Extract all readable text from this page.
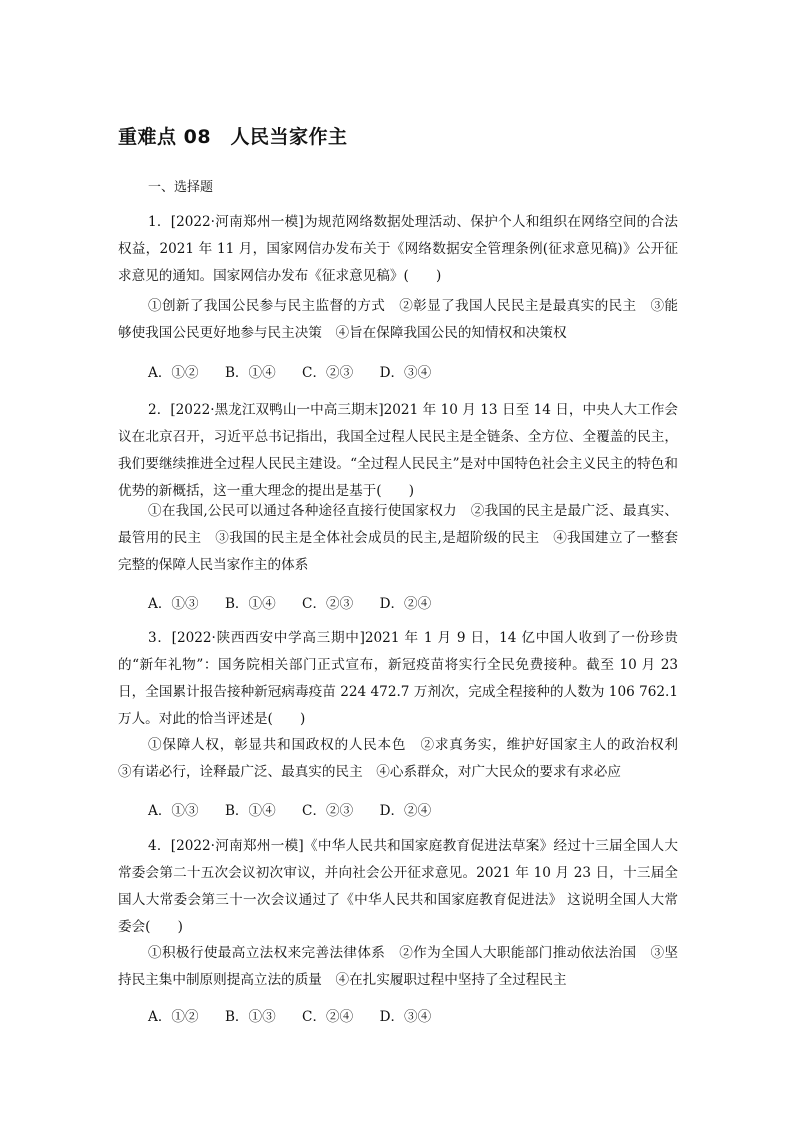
重难点 08　人民当家作主
一、选择题
1．[2022·河南郑州一模]为规范网络数据处理活动、保护个人和组织在网络空间的合法权益，2021 年 11 月，国家网信办发布关于《网络数据安全管理条例(征求意见稿)》公开征求意见的通知。国家网信办发布《征求意见稿》(　　)
①创新了我国公民参与民主监督的方式　②彰显了我国人民民主是最真实的民主　③能够使我国公民更好地参与民主决策　④旨在保障我国公民的知情权和决策权
A．①② B．①④ C．②③ D．③④
2．[2022·黑龙江双鸭山一中高三期末]2021 年 10 月 13 日至 14 日，中央人大工作会议在北京召开，习近平总书记指出，我国全过程人民民主是全链条、全方位、全覆盖的民主，我们要继续推进全过程人民民主建设。“全过程人民民主”是对中国特色社会主义民主的特色和优势的新概括，这一重大理念的提出是基于(　　)
①在我国,公民可以通过各种途径直接行使国家权力　②我国的民主是最广泛、最真实、最管用的民主　③我国的民主是全体社会成员的民主,是超阶级的民主　④我国建立了一整套完整的保障人民当家作主的体系
A．①③ B．①④ C．②③ D．②④
3．[2022·陕西西安中学高三期中]2021 年 1 月 9 日，14 亿中国人收到了一份珍贵的“新年礼物”：国务院相关部门正式宣布，新冠疫苗将实行全民免费接种。截至 10 月 23 日，全国累计报告接种新冠病毒疫苗 224 472.7 万剂次，完成全程接种的人数为 106 762.1 万人。对此的恰当评述是(　　)
①保障人权，彰显共和国政权的人民本色　②求真务实，维护好国家主人的政治权利　③有诺必行，诠释最广泛、最真实的民主　④心系群众，对广大民众的要求有求必应
A．①③ B．①④ C．②③ D．②④
4．[2022·河南郑州一模]《中华人民共和国家庭教育促进法草案》经过十三届全国人大常委会第二十五次会议初次审议，并向社会公开征求意见。2021 年 10 月 23 日，十三届全国人大常委会第三十一次会议通过了《中华人民共和国家庭教育促进法》 这说明全国人大常委会(　　)
①积极行使最高立法权来完善法律体系　②作为全国人大职能部门推动依法治国　③坚持民主集中制原则提高立法的质量　④在扎实履职过程中坚持了全过程民主
A．①② B．①③ C．②④ D．③④
